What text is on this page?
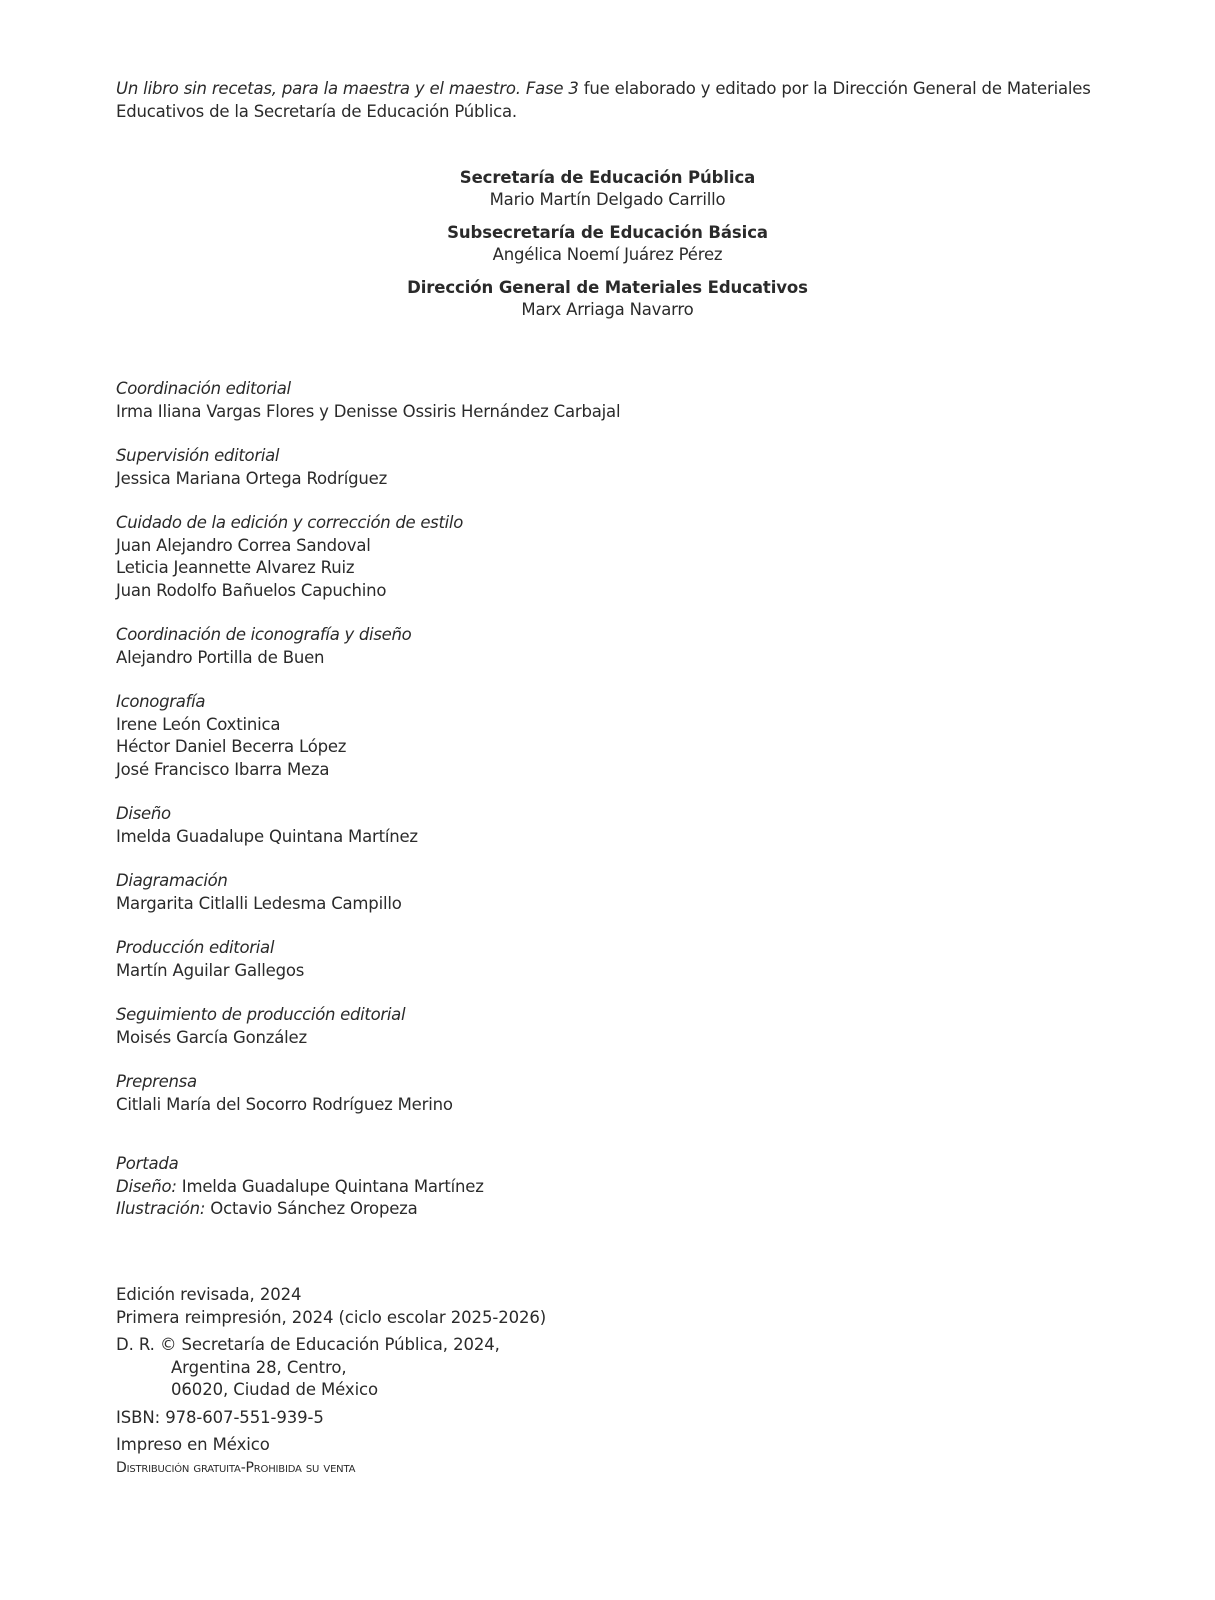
Un libro sin recetas, para la maestra y el maestro. Fase 3 fue elaborado y editado por la Dirección General de Materiales Educativos de la Secretaría de Educación Pública.

Secretaría de Educación Pública
Mario Martín Delgado Carrillo
Subsecretaría de Educación Básica
Angélica Noemí Juárez Pérez
Dirección General de Materiales Educativos
Marx Arriaga Navarro
Coordinación editorial
Irma Iliana Vargas Flores y Denisse Ossiris Hernández Carbajal
Supervisión editorial
Jessica Mariana Ortega Rodríguez
Cuidado de la edición y corrección de estilo
Juan Alejandro Correa Sandoval
Leticia Jeannette Alvarez Ruiz
Juan Rodolfo Bañuelos Capuchino
Coordinación de iconografía y diseño
Alejandro Portilla de Buen
Iconografía
Irene León Coxtinica
Héctor Daniel Becerra López
José Francisco Ibarra Meza
Diseño
Imelda Guadalupe Quintana Martínez
Diagramación
Margarita Citlalli Ledesma Campillo
Producción editorial
Martín Aguilar Gallegos
Seguimiento de producción editorial
Moisés García González
Preprensa
Citlali María del Socorro Rodríguez Merino
Portada
Diseño: Imelda Guadalupe Quintana Martínez
Ilustración: Octavio Sánchez Oropeza
Edición revisada, 2024
Primera reimpresión, 2024 (ciclo escolar 2025-2026)
D. R. © Secretaría de Educación Pública, 2024,
Argentina 28, Centro,
06020, Ciudad de México
ISBN: 978-607-551-939-5
Impreso en México
Distribución gratuita-Prohibida su venta
